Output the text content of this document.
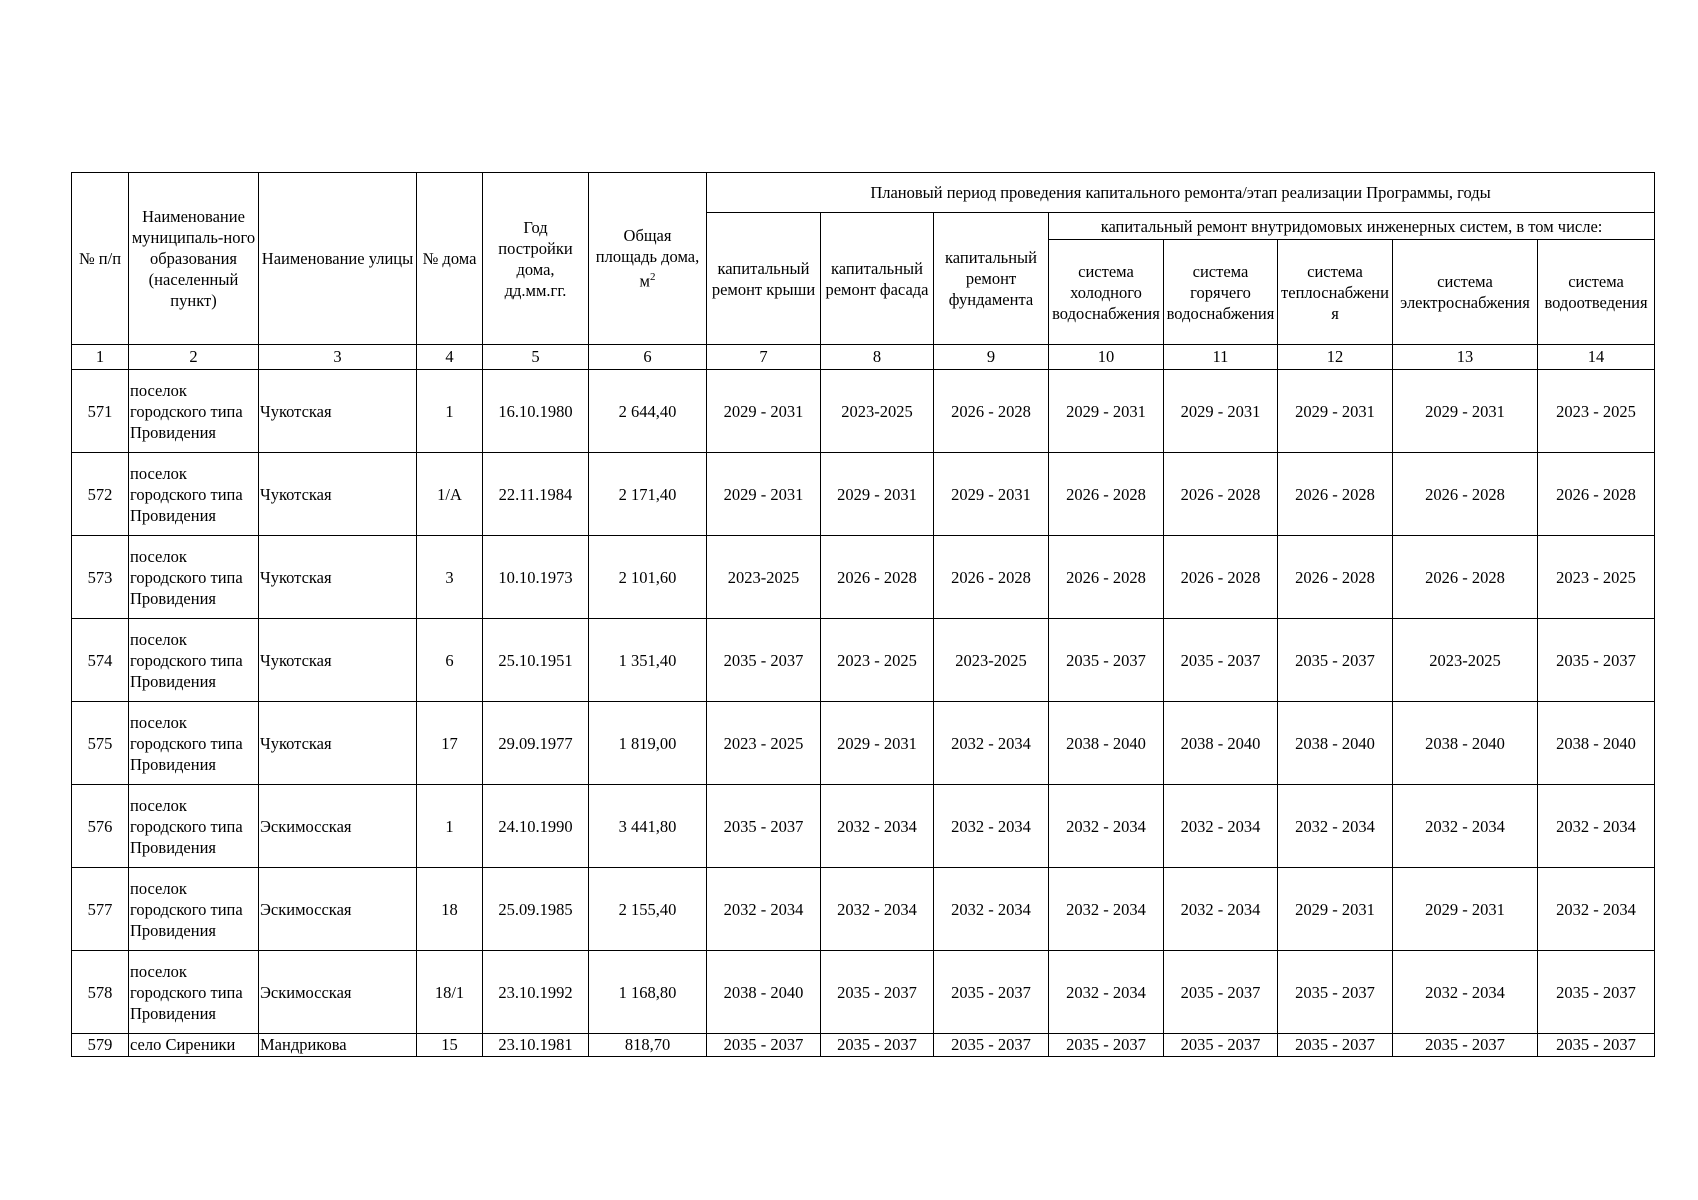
№ п/п	Наименование муниципаль-ного образования (населенный пункт)	Наименование улицы	№ дома	Год постройки дома, дд.мм.гг.	Общая площадь дома, $м^2$	Плановый период проведения капитального ремонта/этап реализации Программы, годы							
						капитальный ремонт крыши	капитальный ремонт фасада	капитальный ремонт фундамента	капитальный ремонт внутридомовых инженерных систем, в том числе:				
									система холодного водоснабжения	система горячего водоснабжения	система теплоснабжения	система электроснабжения	система водоотведения
1	2	3	4	5	6	7	8	9	10	11	12	13	14
571	поселок городского типа Провидения	Чукотская	1	16.10.1980	2 644,40	2029 - 2031	2023-2025	2026 - 2028	2029 - 2031	2029 - 2031	2029 - 2031	2029 - 2031	2023 - 2025
572	поселок городского типа Провидения	Чукотская	1/А	22.11.1984	2 171,40	2029 - 2031	2029 - 2031	2029 - 2031	2026 - 2028	2026 - 2028	2026 - 2028	2026 - 2028	2026 - 2028
573	поселок городского типа Провидения	Чукотская	3	10.10.1973	2 101,60	2023-2025	2026 - 2028	2026 - 2028	2026 - 2028	2026 - 2028	2026 - 2028	2026 - 2028	2023 - 2025
574	поселок городского типа Провидения	Чукотская	6	25.10.1951	1 351,40	2035 - 2037	2023 - 2025	2023-2025	2035 - 2037	2035 - 2037	2035 - 2037	2023-2025	2035 - 2037
575	поселок городского типа Провидения	Чукотская	17	29.09.1977	1 819,00	2023 - 2025	2029 - 2031	2032 - 2034	2038 - 2040	2038 - 2040	2038 - 2040	2038 - 2040	2038 - 2040
576	поселок городского типа Провидения	Эскимосская	1	24.10.1990	3 441,80	2035 - 2037	2032 - 2034	2032 - 2034	2032 - 2034	2032 - 2034	2032 - 2034	2032 - 2034	2032 - 2034
577	поселок городского типа Провидения	Эскимосская	18	25.09.1985	2 155,40	2032 - 2034	2032 - 2034	2032 - 2034	2032 - 2034	2032 - 2034	2029 - 2031	2029 - 2031	2032 - 2034
578	поселок городского типа Провидения	Эскимосская	18/1	23.10.1992	1 168,80	2038 - 2040	2035 - 2037	2035 - 2037	2032 - 2034	2035 - 2037	2035 - 2037	2032 - 2034	2035 - 2037
579	село Сиреники	Мандрикова	15	23.10.1981	818,70	2035 - 2037	2035 - 2037	2035 - 2037	2035 - 2037	2035 - 2037	2035 - 2037	2035 - 2037	2035 - 2037
